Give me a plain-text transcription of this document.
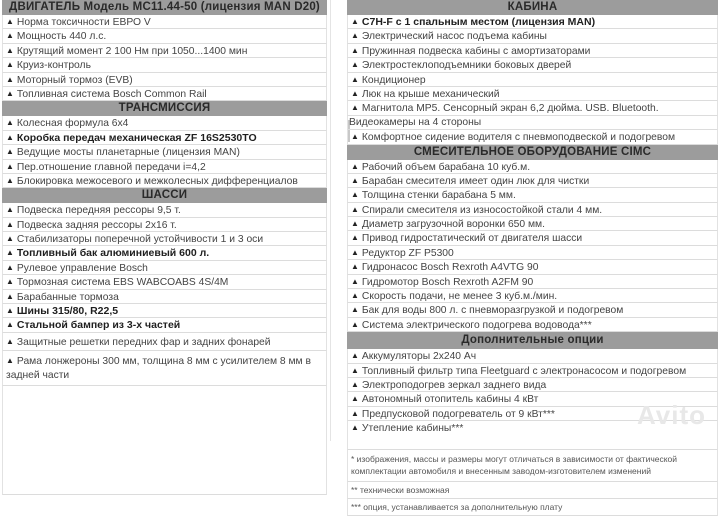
ДВИГАТЕЛЬ Модель MC11.44-50 (лицензия MAN D20)
▲ Норма токсичности ЕВРО V
▲ Мощность 440 л.с.
▲ Крутящий момент 2 100 Нм при 1050...1400 мин
▲ Круиз-контроль
▲ Моторный тормоз (EVB)
▲ Топливная система Bosch Common Rail
ТРАНСМИССИЯ
▲ Колесная формула 6x4
▲ Коробка передач механическая ZF 16S2530TO
▲ Ведущие мосты планетарные (лицензия MAN)
▲ Пер.отношение главной передачи i=4,2
▲ Блокировка межосевого и межколесных дифференциалов
ШАССИ
▲ Подвеска передняя рессоры 9,5 т.
▲ Подвеска задняя рессоры 2x16 т.
▲ Стабилизаторы поперечной устойчивости 1 и 3 оси
▲ Топливный бак алюминиевый 600 л.
▲ Рулевое управление Bosch
▲ Тормозная система EBS WABCOABS 4S/4M
▲ Барабанные тормоза
▲ Шины 315/80, R22,5
▲ Стальной бампер из 3-х частей
▲ Защитные решетки передних фар и задних фонарей
▲ Рама лонжероны 300 мм, толщина 8 мм с усилителем 8 мм в задней части
КАБИНА
▲ C7H-F с 1 спальным местом (лицензия MAN)
▲ Электрический насос подъема кабины
▲ Пружинная подвеска кабины с амортизаторами
▲ Электростеклоподъемники боковых дверей
▲ Кондиционер
▲ Люк на крыше механический
▲ Магнитола MP5. Сенсорный экран 6,2 дюйма. USB. Bluetooth.
Видеокамеры на 4 стороны
▲ Комфортное сидение водителя с пневмоподвеской и подогревом
СМЕСИТЕЛЬНОЕ ОБОРУДОВАНИЕ CIMC
▲ Рабочий объем барабана 10 куб.м.
▲ Барабан смесителя имеет один люк для чистки
▲ Толщина стенки барабана 5 мм.
▲ Спирали смесителя из износостойкой стали 4 мм.
▲ Диаметр загрузочной воронки 650 мм.
▲ Привод гидростатический от двигателя шасси
▲ Редуктор ZF P5300
▲ Гидронасос Bosch Rexroth A4VTG 90
▲ Гидромотор Bosch Rexroth A2FM 90
▲ Скорость подачи, не менее 3 куб.м./мин.
▲ Бак для воды 800 л. с пневморазгрузкой и подогревом
▲ Система электрического подогрева водовода***
Дополнительные опции
▲ Аккумуляторы 2x240 Ач
▲ Топливный фильтр типа Fleetguard с электронасосом и подогревом
▲ Электроподогрев зеркал заднего вида
▲ Автономный отопитель кабины 4 кВт
▲ Предпусковой подогреватель от 9 кВт***
▲ Утепление кабины***
* изображения, массы и размеры могут отличаться в зависимости от фактической комплектации автомобиля и внесенным заводом-изготовителем изменений
** технически возможная
*** опция, устанавливается за дополнительную плату
Avito
